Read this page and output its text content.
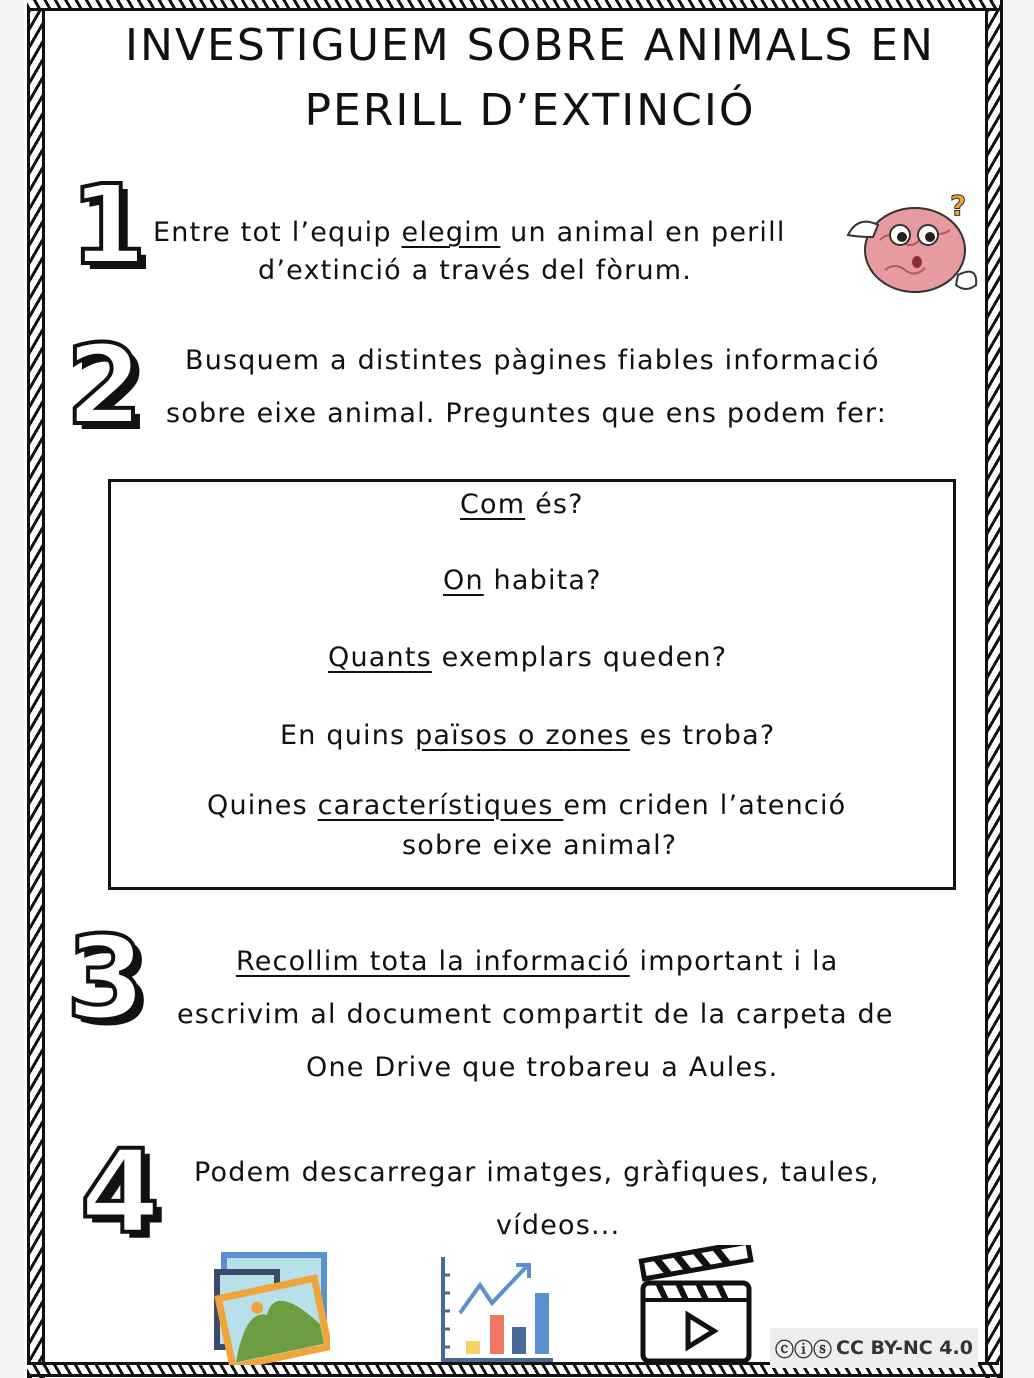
INVESTIGUEM SOBRE ANIMALS EN
PERILL D’EXTINCIÓ
1
2
3
4
Entre tot l’equip elegim un animal en perill
d’extinció a través del fòrum.
Busquem a distintes pàgines fiables informació
sobre eixe animal. Preguntes que ens podem fer:
Recollim tota la informació important i la
escrivim al document compartit de la carpeta de
One Drive que trobareu a Aules.
Podem descarregar imatges, gràfiques, taules,
vídeos...
Com és?
On habita?
Quants exemplars queden?
En quins països o zones es troba?
Quines característiques em criden l’atenció
sobre eixe animal?
?
ⓒⓘⓢ CC BY-NC 4.0
